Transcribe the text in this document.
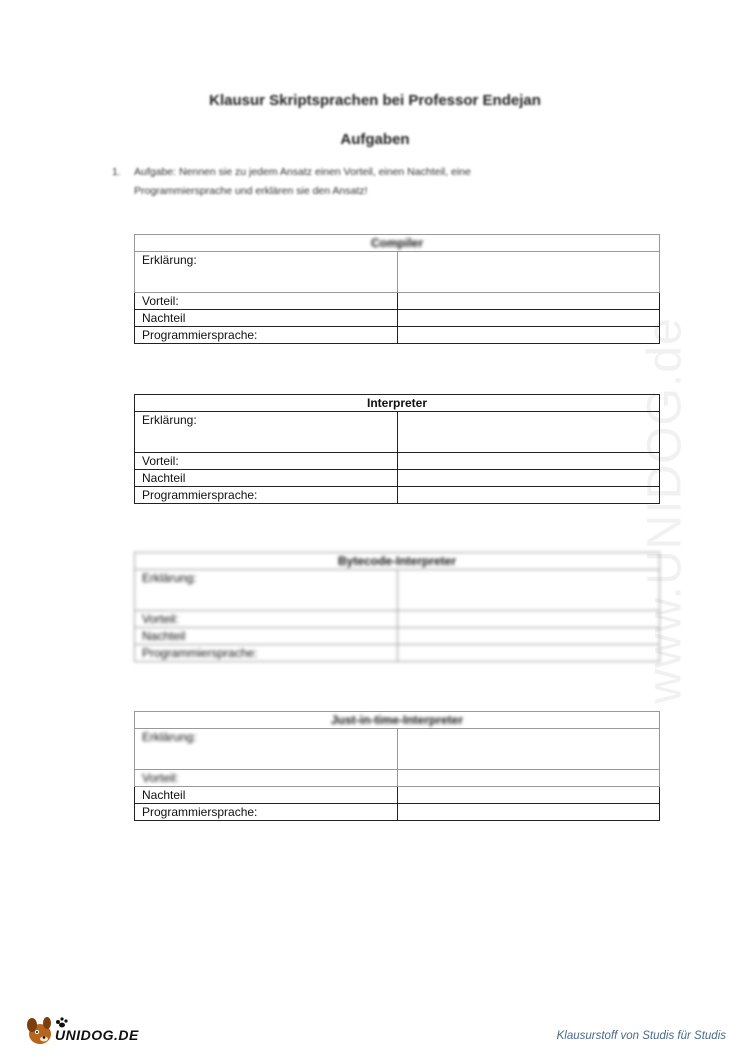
www.UNIDOG.de
Klausur Skriptsprachen bei Professor Endejan
Aufgaben
1. Aufgabe: Nennen sie zu jedem Ansatz einen Vorteil, einen Nachteil, eine
Programmiersprache und erklären sie den Ansatz!
Compiler	
Erklärung:	
Vorteil:	
Nachteil	
Programmiersprache:	
Interpreter	
Erklärung:	
Vorteil:	
Nachteil	
Programmiersprache:	
Bytecode-Interpreter	
Erklärung:	
Vorteil:	
Nachteil	
Programmiersprache:	
Just-in-time-Interpreter	
Erklärung:	
Vorteil:	
Nachteil	
Programmiersprache:	
UNIDOG.DE	Klausurstoff von Studis für Studis
